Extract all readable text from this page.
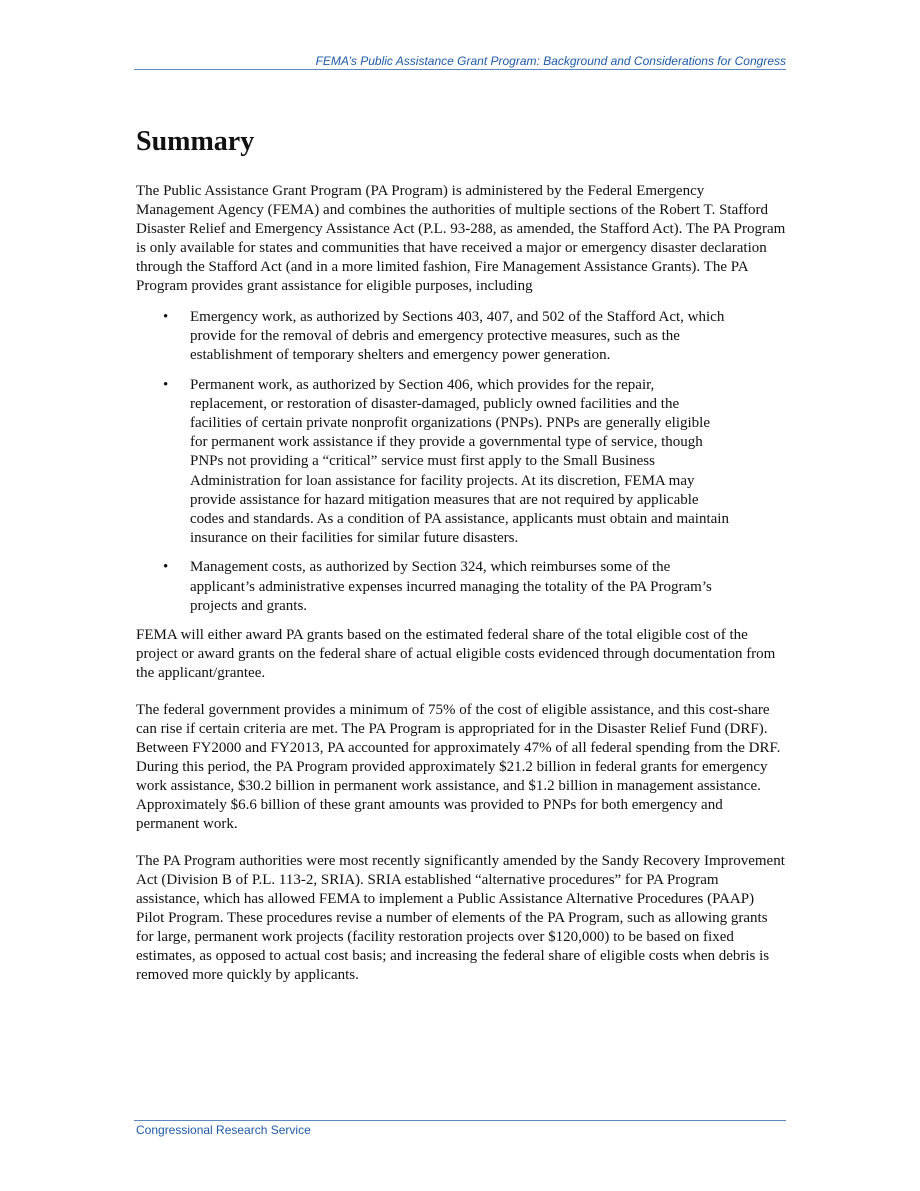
FEMA’s Public Assistance Grant Program: Background and Considerations for Congress
Summary

The Public Assistance Grant Program (PA Program) is administered by the Federal Emergency Management Agency (FEMA) and combines the authorities of multiple sections of the Robert T. Stafford Disaster Relief and Emergency Assistance Act (P.L. 93-288, as amended, the Stafford Act). The PA Program is only available for states and communities that have received a major or emergency disaster declaration through the Stafford Act (and in a more limited fashion, Fire Management Assistance Grants). The PA Program provides grant assistance for eligible purposes, including

• Emergency work, as authorized by Sections 403, 407, and 502 of the Stafford Act, which provide for the removal of debris and emergency protective measures, such as the establishment of temporary shelters and emergency power generation.
• Permanent work, as authorized by Section 406, which provides for the repair, replacement, or restoration of disaster-damaged, publicly owned facilities and the facilities of certain private nonprofit organizations (PNPs). PNPs are generally eligible for permanent work assistance if they provide a governmental type of service, though PNPs not providing a “critical” service must first apply to the Small Business Administration for loan assistance for facility projects. At its discretion, FEMA may provide assistance for hazard mitigation measures that are not required by applicable codes and standards. As a condition of PA assistance, applicants must obtain and maintain insurance on their facilities for similar future disasters.
• Management costs, as authorized by Section 324, which reimburses some of the applicant’s administrative expenses incurred managing the totality of the PA Program’s projects and grants.

FEMA will either award PA grants based on the estimated federal share of the total eligible cost of the project or award grants on the federal share of actual eligible costs evidenced through documentation from the applicant/grantee.

The federal government provides a minimum of 75% of the cost of eligible assistance, and this cost-share can rise if certain criteria are met. The PA Program is appropriated for in the Disaster Relief Fund (DRF). Between FY2000 and FY2013, PA accounted for approximately 47% of all federal spending from the DRF. During this period, the PA Program provided approximately $21.2 billion in federal grants for emergency work assistance, $30.2 billion in permanent work assistance, and $1.2 billion in management assistance. Approximately $6.6 billion of these grant amounts was provided to PNPs for both emergency and permanent work.

The PA Program authorities were most recently significantly amended by the Sandy Recovery Improvement Act (Division B of P.L. 113-2, SRIA). SRIA established “alternative procedures” for PA Program assistance, which has allowed FEMA to implement a Public Assistance Alternative Procedures (PAAP) Pilot Program. These procedures revise a number of elements of the PA Program, such as allowing grants for large, permanent work projects (facility restoration projects over $120,000) to be based on fixed estimates, as opposed to actual cost basis; and increasing the federal share of eligible costs when debris is removed more quickly by applicants.

Congressional Research Service
